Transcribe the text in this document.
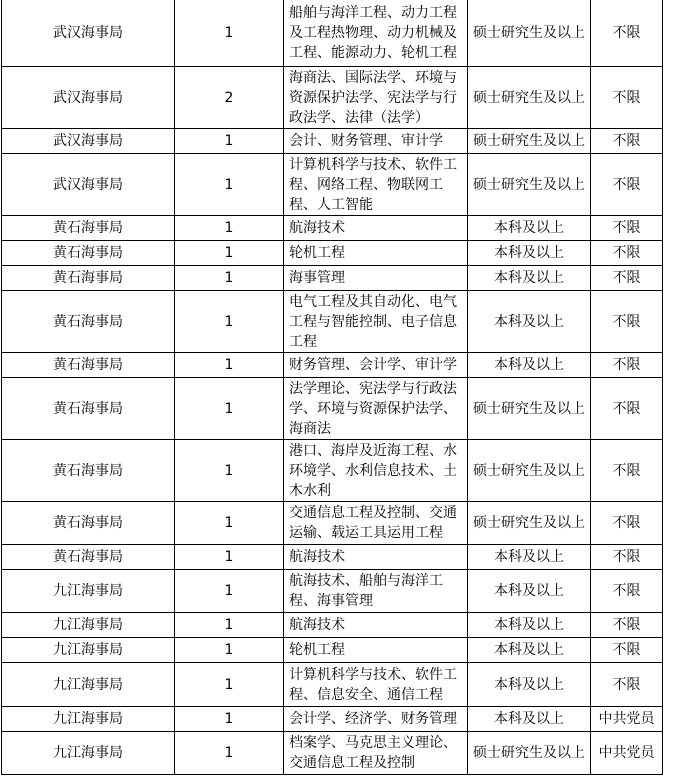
武汉海事局	1	船舶与海洋工程、动力工程及工程热物理、动力机械及工程、能源动力、轮机工程	硕士研究生及以上	不限
武汉海事局	2	海商法、国际法学、环境与资源保护法学、宪法学与行政法学、法律（法学）	硕士研究生及以上	不限
武汉海事局	1	会计、财务管理、审计学	硕士研究生及以上	不限
武汉海事局	1	计算机科学与技术、软件工程、网络工程、物联网工程、人工智能	硕士研究生及以上	不限
黄石海事局	1	航海技术	本科及以上	不限
黄石海事局	1	轮机工程	本科及以上	不限
黄石海事局	1	海事管理	本科及以上	不限
黄石海事局	1	电气工程及其自动化、电气工程与智能控制、电子信息工程	本科及以上	不限
黄石海事局	1	财务管理、会计学、审计学	本科及以上	不限
黄石海事局	1	法学理论、宪法学与行政法学、环境与资源保护法学、海商法	硕士研究生及以上	不限
黄石海事局	1	港口、海岸及近海工程、水环境学、水利信息技术、土木水利	硕士研究生及以上	不限
黄石海事局	1	交通信息工程及控制、交通运输、载运工具运用工程	硕士研究生及以上	不限
黄石海事局	1	航海技术	本科及以上	不限
九江海事局	1	航海技术、船舶与海洋工程、海事管理	本科及以上	不限
九江海事局	1	航海技术	本科及以上	不限
九江海事局	1	轮机工程	本科及以上	不限
九江海事局	1	计算机科学与技术、软件工程、信息安全、通信工程	本科及以上	不限
九江海事局	1	会计学、经济学、财务管理	本科及以上	中共党员
九江海事局	1	档案学、马克思主义理论、交通信息工程及控制	硕士研究生及以上	中共党员
